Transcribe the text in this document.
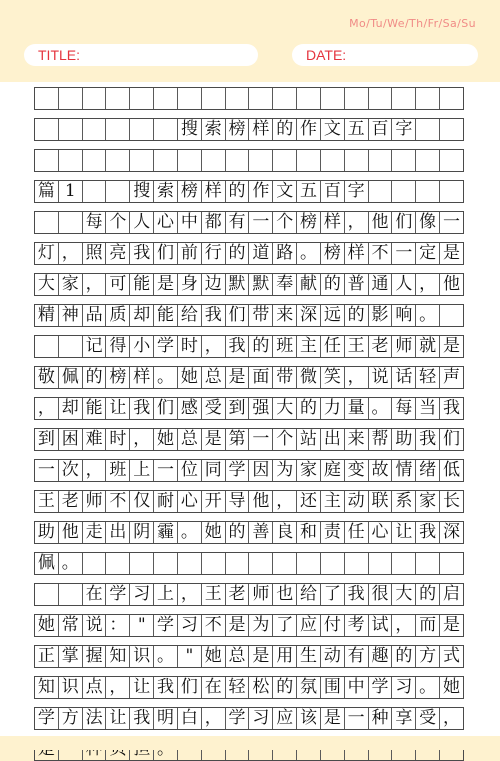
Mo/Tu/We/Th/Fr/Sa/Su
TITLE:	DATE:
搜 索 榜 样 的 作 文 五 百 字
篇 1	搜 索 榜 样 的 作 文 五 百 字
每 个 人 心 中 都 有 一 个 榜 样 ， 他 们 像 一
灯 ， 照 亮 我 们 前 行 的 道 路 。 榜 样 不 一 定 是
大 家 ， 可 能 是 身 边 默 默 奉 献 的 普 通 人 ， 他
精 神 品 质 却 能 给 我 们 带 来 深 远 的 影 响 。
记 得 小 学 时 ， 我 的 班 主 任 王 老 师 就 是
敬 佩 的 榜 样 。 她 总 是 面 带 微 笑 ， 说 话 轻 声
， 却 能 让 我 们 感 受 到 强 大 的 力 量 。 每 当 我
到 困 难 时 ， 她 总 是 第 一 个 站 出 来 帮 助 我 们
一 次 ， 班 上 一 位 同 学 因 为 家 庭 变 故 情 绪 低
王 老 师 不 仅 耐 心 开 导 他 ， 还 主 动 联 系 家 长
助 他 走 出 阴 霾 。 她 的 善 良 和 责 任 心 让 我 深
佩 。
在 学 习 上 ， 王 老 师 也 给 了 我 很 大 的 启
她 常 说 ： " 学 习 不 是 为 了 应 付 考 试 ， 而 是
正 掌 握 知 识 。 " 她 总 是 用 生 动 有 趣 的 方 式
知 识 点 ， 让 我 们 在 轻 松 的 氛 围 中 学 习 。 她
学 方 法 让 我 明 白 ， 学 习 应 该 是 一 种 享 受 ，
